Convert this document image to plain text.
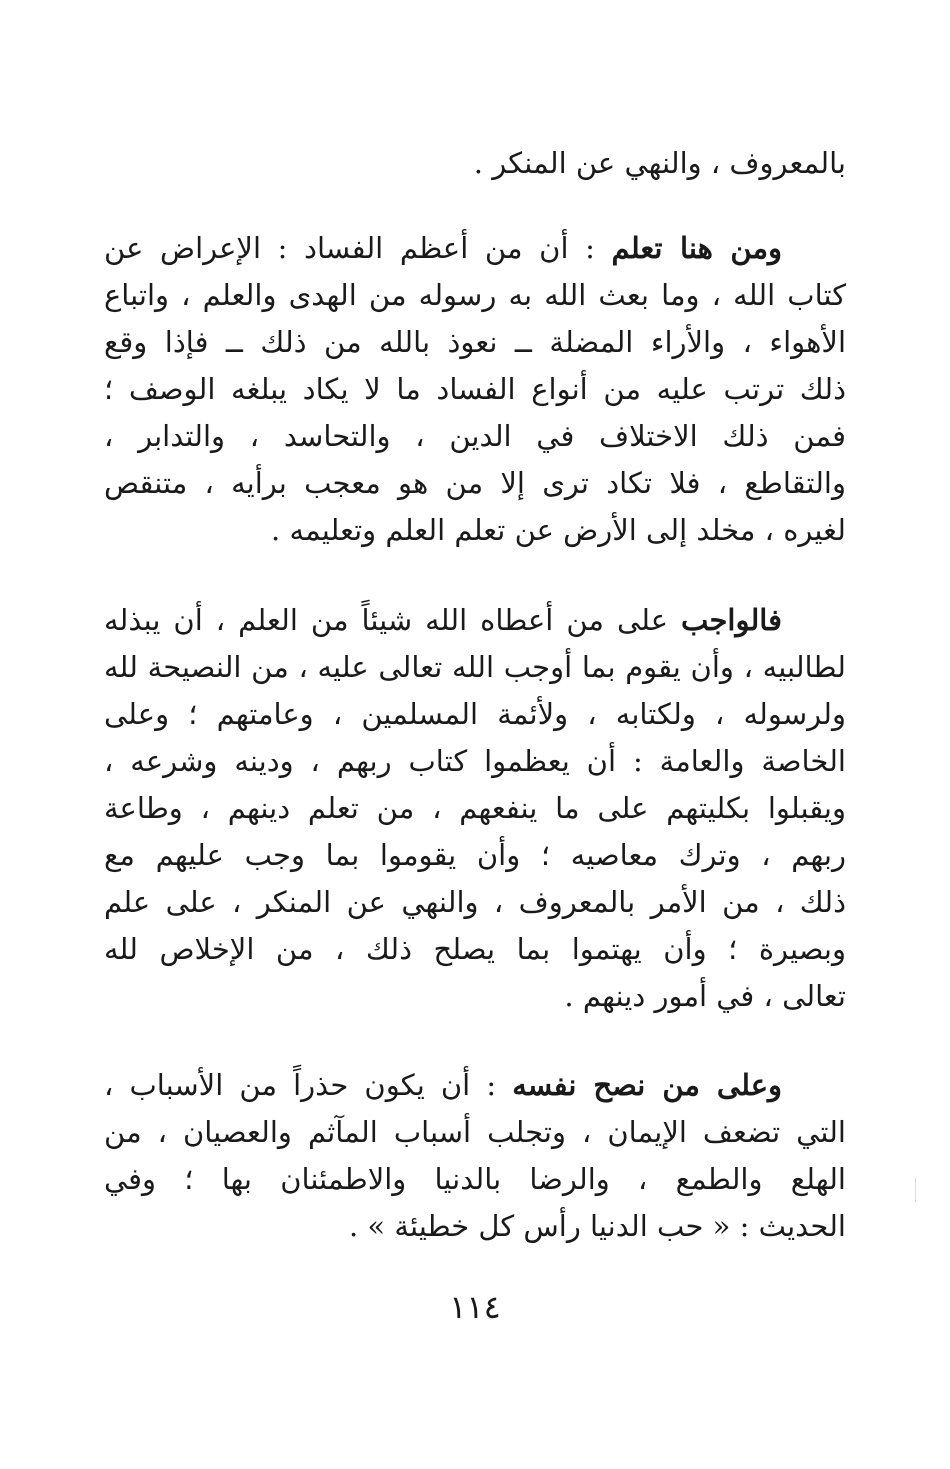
بالمعروف ، والنهي عن المنكر .
ومن هنا تعلم : أن من أعظم الفساد : الإعراض عن
كتاب الله ، وما بعث الله به رسوله من الهدى والعلم ، واتباع
الأهواء ، والأراء المضلة ــ نعوذ بالله من ذلك ــ فإذا وقع
ذلك ترتب عليه من أنواع الفساد ما لا يكاد يبلغه الوصف ؛
فمن ذلك الاختلاف في الدين ، والتحاسد ، والتدابر ،
والتقاطع ، فلا تكاد ترى إلا من هو معجب برأيه ، متنقص
لغيره ، مخلد إلى الأرض عن تعلم العلم وتعليمه .
فالواجب على من أعطاه الله شيئاً من العلم ، أن يبذله
لطالبيه ، وأن يقوم بما أوجب الله تعالى عليه ، من النصيحة لله
ولرسوله ، ولكتابه ، ولأئمة المسلمين ، وعامتهم ؛ وعلى
الخاصة والعامة : أن يعظموا كتاب ربهم ، ودينه وشرعه ،
ويقبلوا بكليتهم على ما ينفعهم ، من تعلم دينهم ، وطاعة
ربهم ، وترك معاصيه ؛ وأن يقوموا بما وجب عليهم مع
ذلك ، من الأمر بالمعروف ، والنهي عن المنكر ، على علم
وبصيرة ؛ وأن يهتموا بما يصلح ذلك ، من الإخلاص لله
تعالى ، في أمور دينهم .
وعلى من نصح نفسه : أن يكون حذراً من الأسباب ،
التي تضعف الإيمان ، وتجلب أسباب المآثم والعصيان ، من
الهلع والطمع ، والرضا بالدنيا والاطمئنان بها ؛ وفي
الحديث : « حب الدنيا رأس كل خطيئة » .
١١٤
